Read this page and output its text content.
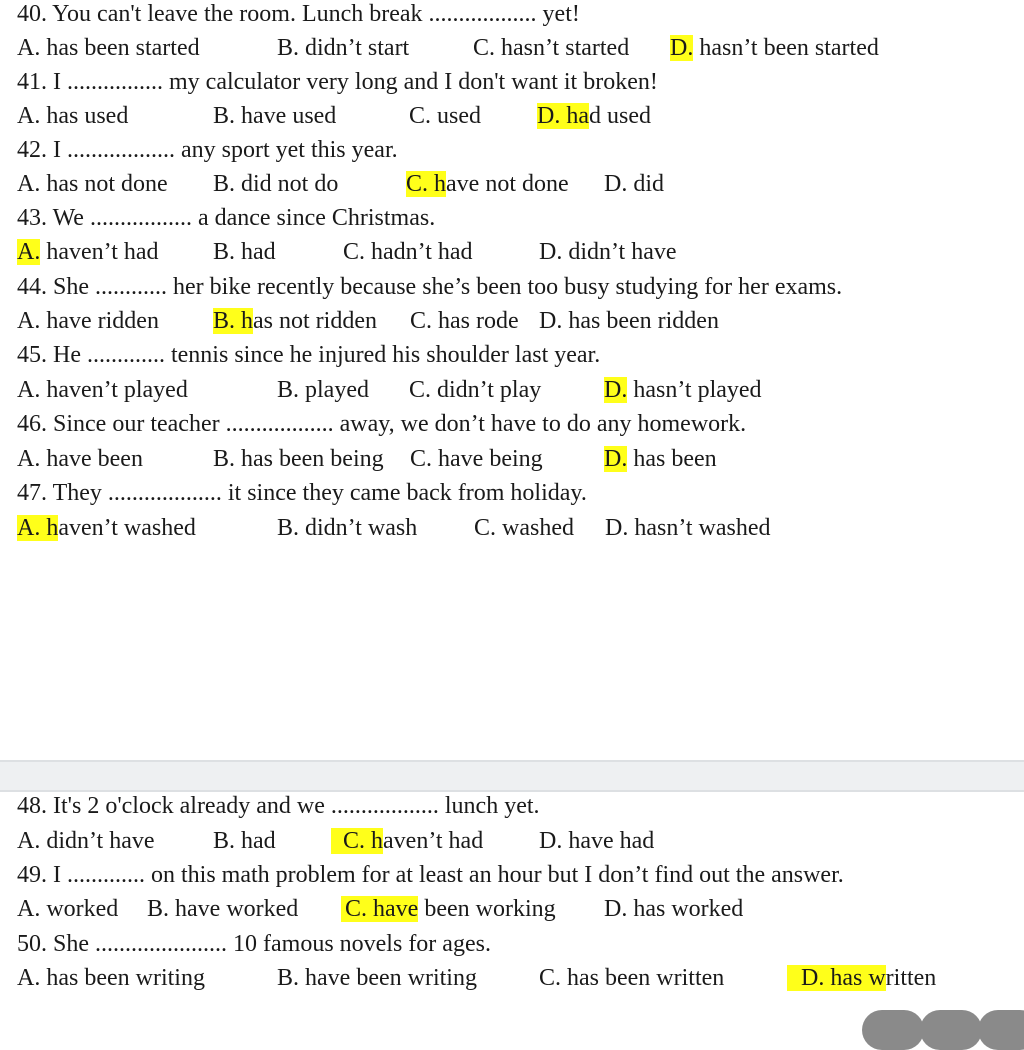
40. You can't leave the room. Lunch break .................. yet!
A. has been started	B. didn’t start	C. hasn’t started D. hasn’t been started
41. I ................ my calculator very long and I don't want it broken!
A. has used	B. have used	C. used D. had used
42. I .................. any sport yet this year.
A. has not done B. did not do	C. have not done D. did
43. We ................. a dance since Christmas.
A. haven’t had B. had	C. hadn’t had	D. didn’t have
44. She ............ her bike recently because she’s been too busy studying for her exams.
A. have ridden B. has not ridden C. has rode D. has been ridden
45. He ............. tennis since he injured his shoulder last year.
A. haven’t played	B. played C. didn’t play	D. hasn’t played
46. Since our teacher .................. away, we don’t have to do any homework.
A. have been	B. has been being C. have being	D. has been
47. They ................... it since they came back from holiday.
A. haven’t washed	B. didn’t wash C. washed D. hasn’t washed
48. It's 2 o'clock already and we .................. lunch yet.
A. didn’t have B. had	C. haven’t had D. have had
49. I ............. on this math problem for at least an hour but I don’t find out the answer.
A. worked B. have worked C. have been working D. has worked
50. She ...................... 10 famous novels for ages.
A. has been writing	B. have been writing	C. has been written	D. has written
